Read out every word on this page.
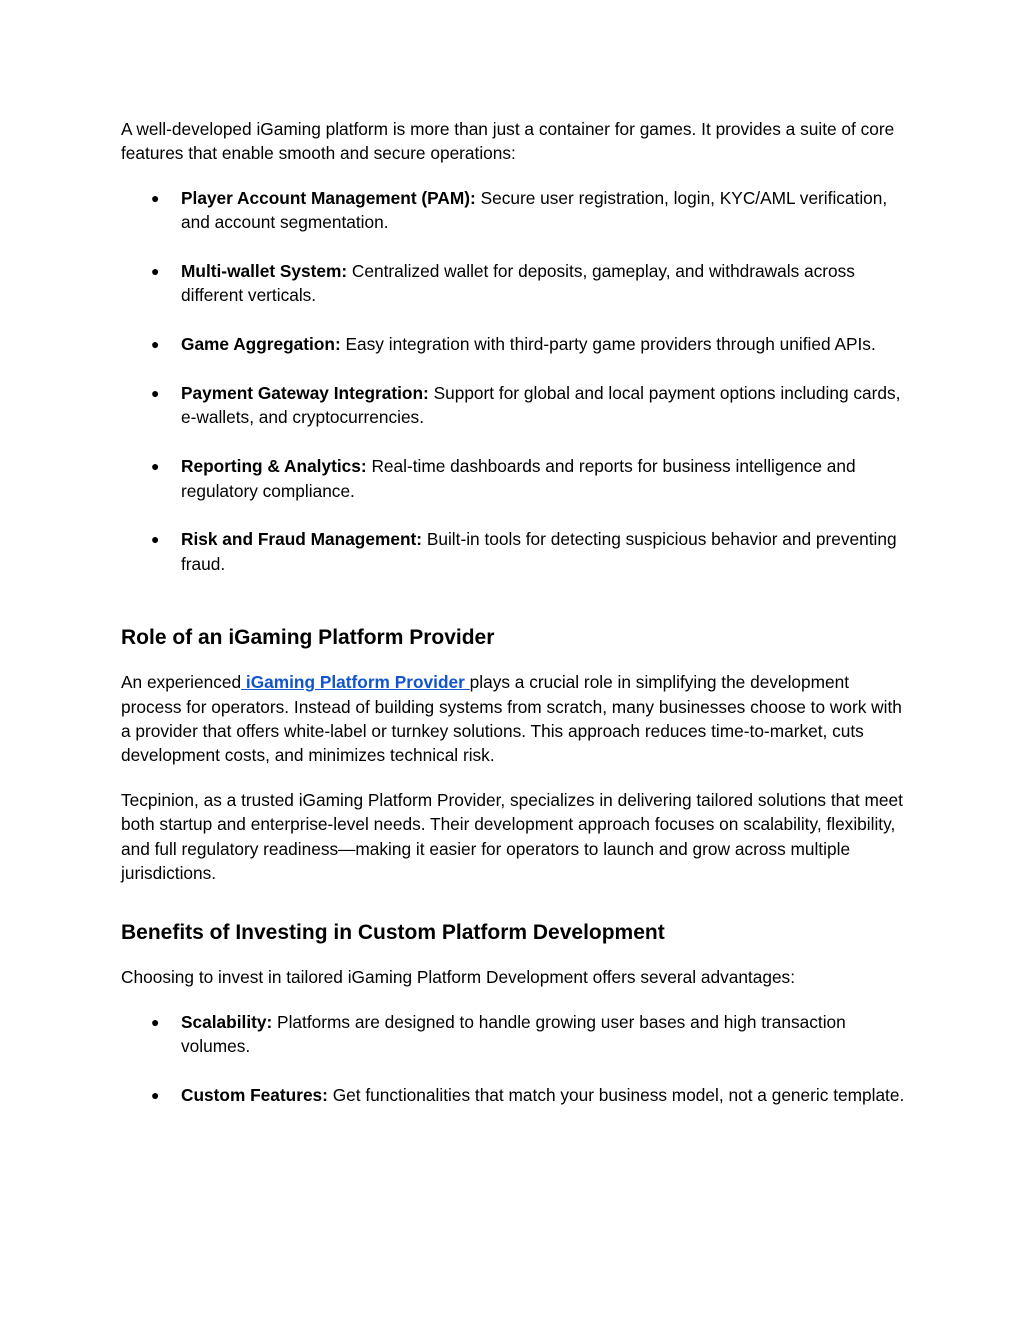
A well-developed iGaming platform is more than just a container for games. It provides a suite of core features that enable smooth and secure operations:

● Player Account Management (PAM): Secure user registration, login, KYC/AML verification, and account segmentation.
● Multi-wallet System: Centralized wallet for deposits, gameplay, and withdrawals across different verticals.
● Game Aggregation: Easy integration with third-party game providers through unified APIs.
● Payment Gateway Integration: Support for global and local payment options including cards, e-wallets, and cryptocurrencies.
● Reporting & Analytics: Real-time dashboards and reports for business intelligence and regulatory compliance.
● Risk and Fraud Management: Built-in tools for detecting suspicious behavior and preventing fraud.
Role of an iGaming Platform Provider

An experienced iGaming Platform Provider plays a crucial role in simplifying the development process for operators. Instead of building systems from scratch, many businesses choose to work with a provider that offers white-label or turnkey solutions. This approach reduces time-to-market, cuts development costs, and minimizes technical risk.

Tecpinion, as a trusted iGaming Platform Provider, specializes in delivering tailored solutions that meet both startup and enterprise-level needs. Their development approach focuses on scalability, flexibility, and full regulatory readiness—making it easier for operators to launch and grow across multiple jurisdictions.

Benefits of Investing in Custom Platform Development

Choosing to invest in tailored iGaming Platform Development offers several advantages:

● Scalability: Platforms are designed to handle growing user bases and high transaction volumes.
● Custom Features: Get functionalities that match your business model, not a generic template.
